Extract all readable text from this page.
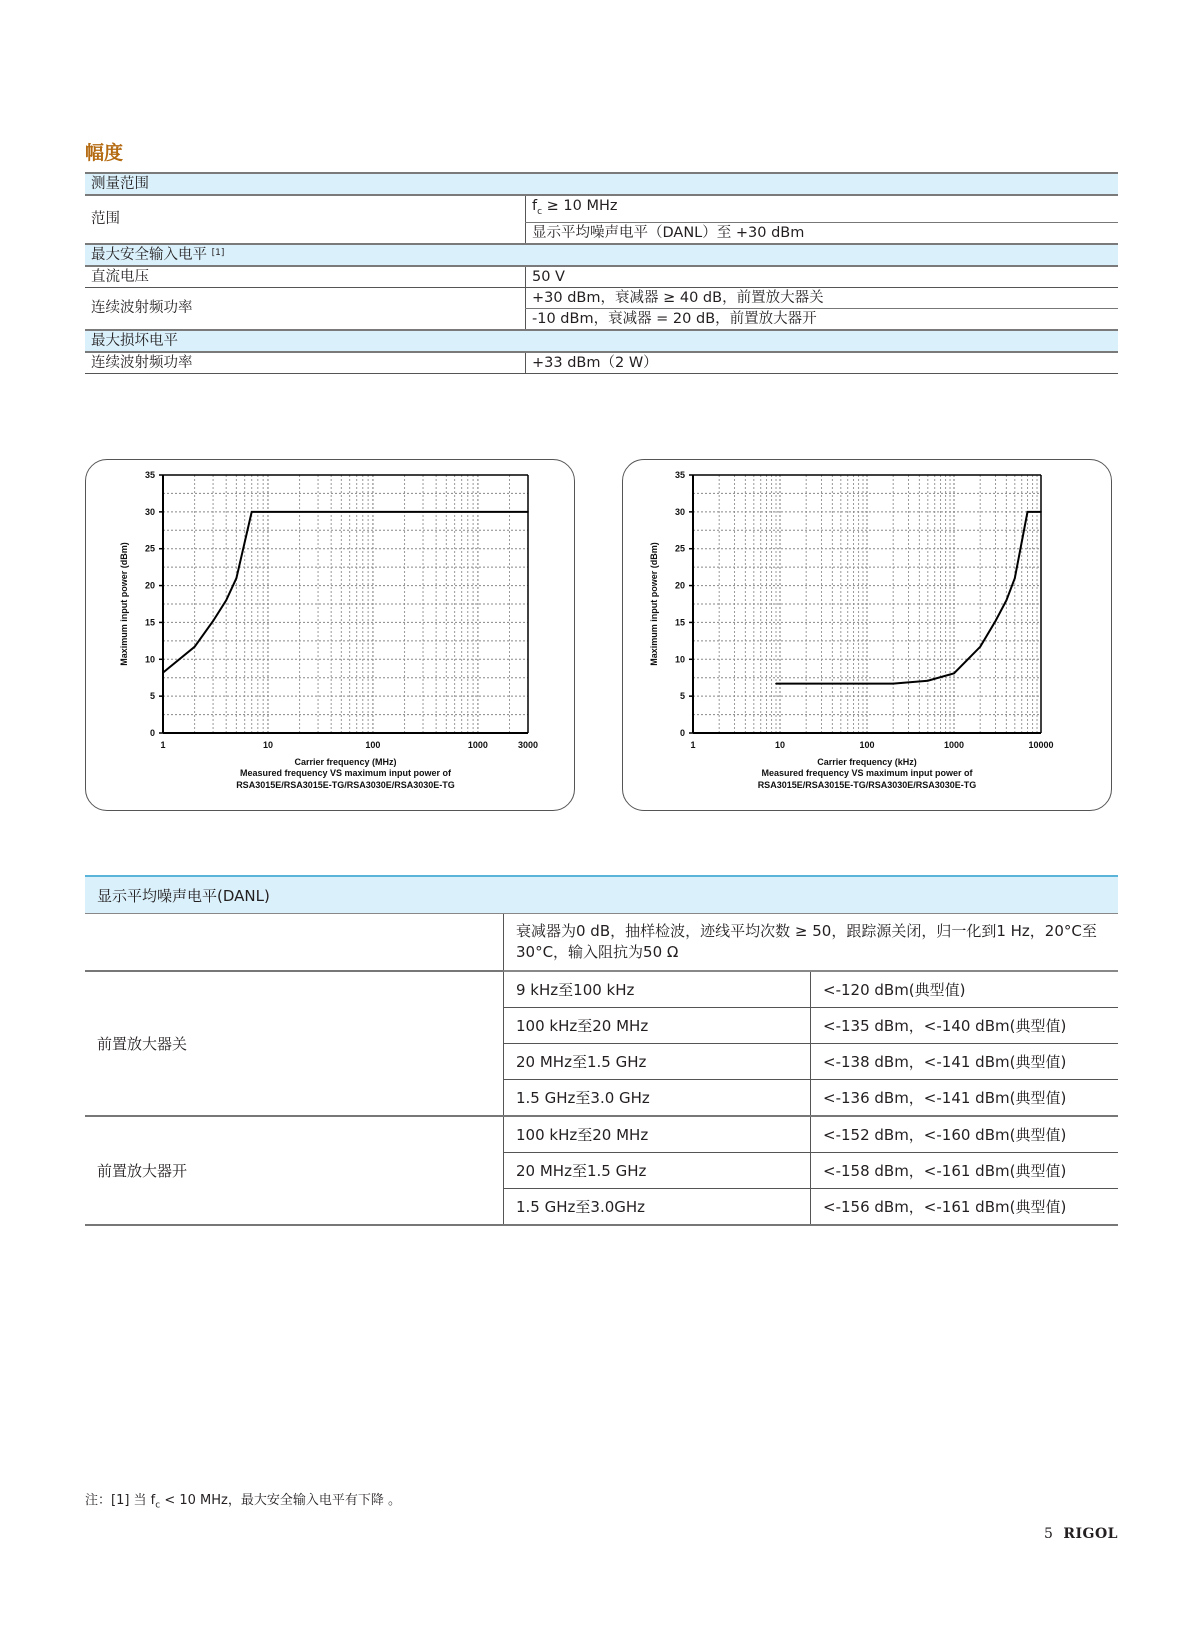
幅度
测量范围	
范围	$f_c \ge 10$ MHz
	显示平均噪声电平（DANL）至 +30 dBm
最大安全输入电平 [1]
直流电压	50 V
连续波射频功率	+30 dBm，衰减器 ≥ 40 dB，前置放大器关
	-10 dBm，衰减器 = 20 dB，前置放大器开
最大损坏电平	
连续波射频功率	+33 dBm（2 W）
0
5
10
15
20
25
30
35
1	10	100	1000	3000
Carrier frequency (MHz)
Measured frequency VS maximum input power of
RSA3015E/RSA3015E-TG/RSA3030E/RSA3030E-TG
Maximum input power (dBm)
0
5
10
15
20
25
30
35
1	10	100	1000	10000
Carrier frequency (kHz)
Measured frequency VS maximum input power of
RSA3015E/RSA3015E-TG/RSA3030E/RSA3030E-TG
Maximum input power (dBm)
显示平均噪声电平(DANL)		
	衰减器为0 dB，抽样检波，迹线平均次数 ≥ 50，跟踪源关闭，归一化到1 Hz，20°C至30°C，输入阻抗为50 Ω	
前置放大器关	9 kHz至100 kHz	<-120 dBm(典型值)
	100 kHz至20 MHz	<-135 dBm，<-140 dBm(典型值)
	20 MHz至1.5 GHz	<-138 dBm，<-141 dBm(典型值)
	1.5 GHz至3.0 GHz	<-136 dBm，<-141 dBm(典型值)
前置放大器开	100 kHz至20 MHz	<-152 dBm，<-160 dBm(典型值)
	20 MHz至1.5 GHz	<-158 dBm，<-161 dBm(典型值)
	1.5 GHz至3.0GHz	<-156 dBm，<-161 dBm(典型值)
注：[1] 当 $f_c < 10$ MHz，最大安全输入电平有下降 。
5 RIGOL
